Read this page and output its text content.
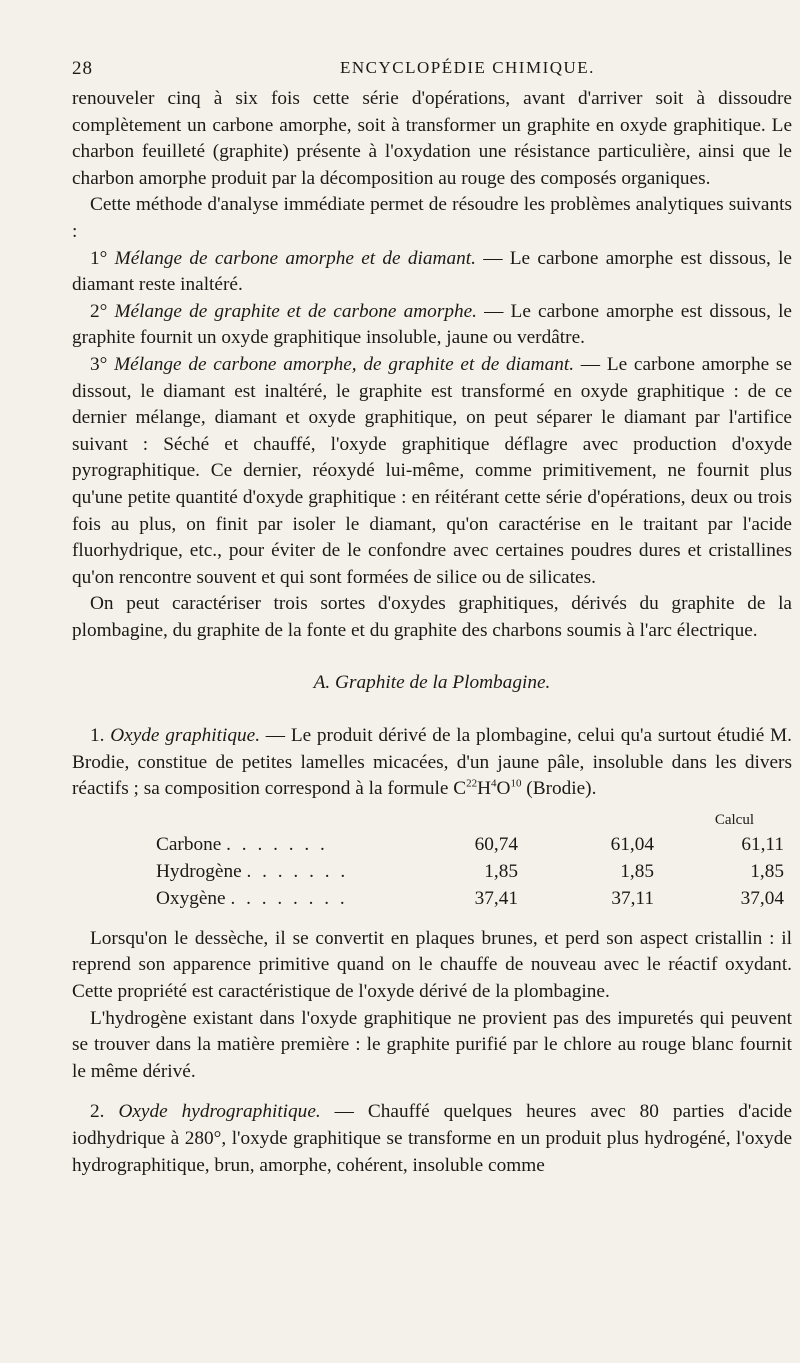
28	ENCYCLOPÉDIE CHIMIQUE.

renouveler cinq à six fois cette série d'opérations, avant d'arriver soit à dissoudre complètement un carbone amorphe, soit à transformer un graphite en oxyde graphitique. Le charbon feuilleté (graphite) présente à l'oxydation une résistance particulière, ainsi que le charbon amorphe produit par la décomposition au rouge des composés organiques.

Cette méthode d'analyse immédiate permet de résoudre les problèmes analytiques suivants :

1° Mélange de carbone amorphe et de diamant. — Le carbone amorphe est dissous, le diamant reste inaltéré.

2° Mélange de graphite et de carbone amorphe. — Le carbone amorphe est dissous, le graphite fournit un oxyde graphitique insoluble, jaune ou verdâtre.

3° Mélange de carbone amorphe, de graphite et de diamant. — Le carbone amorphe se dissout, le diamant est inaltéré, le graphite est transformé en oxyde graphitique : de ce dernier mélange, diamant et oxyde graphitique, on peut séparer le diamant par l'artifice suivant : Séché et chauffé, l'oxyde graphitique déflagre avec production d'oxyde pyrographitique. Ce dernier, réoxydé lui-même, comme primitivement, ne fournit plus qu'une petite quantité d'oxyde graphitique : en réitérant cette série d'opérations, deux ou trois fois au plus, on finit par isoler le diamant, qu'on caractérise en le traitant par l'acide fluorhydrique, etc., pour éviter de le confondre avec certaines poudres dures et cristallines qu'on rencontre souvent et qui sont formées de silice ou de silicates.

On peut caractériser trois sortes d'oxydes graphitiques, dérivés du graphite de la plombagine, du graphite de la fonte et du graphite des charbons soumis à l'arc électrique.

A. Graphite de la Plombagine.

1. Oxyde graphitique. — Le produit dérivé de la plombagine, celui qu'a surtout étudié M. Brodie, constitue de petites lamelles micacées, d'un jaune pâle, insoluble dans les divers réactifs ; sa composition correspond à la formule $C^{22}H^4O^{10}$ (Brodie).

Calcul
Carbone . . . . . . .	60,74	61,04	61,11
Hydrogène . . . . . . .	1,85	1,85	1,85
Oxygène . . . . . . . .	37,41	37,11	37,04

Lorsqu'on le dessèche, il se convertit en plaques brunes, et perd son aspect cristallin : il reprend son apparence primitive quand on le chauffe de nouveau avec le réactif oxydant. Cette propriété est caractéristique de l'oxyde dérivé de la plombagine.

L'hydrogène existant dans l'oxyde graphitique ne provient pas des impuretés qui peuvent se trouver dans la matière première : le graphite purifié par le chlore au rouge blanc fournit le même dérivé.

2. Oxyde hydrographitique. — Chauffé quelques heures avec 80 parties d'acide iodhydrique à 280°, l'oxyde graphitique se transforme en un produit plus hydrogéné, l'oxyde hydrographitique, brun, amorphe, cohérent, insoluble comme
